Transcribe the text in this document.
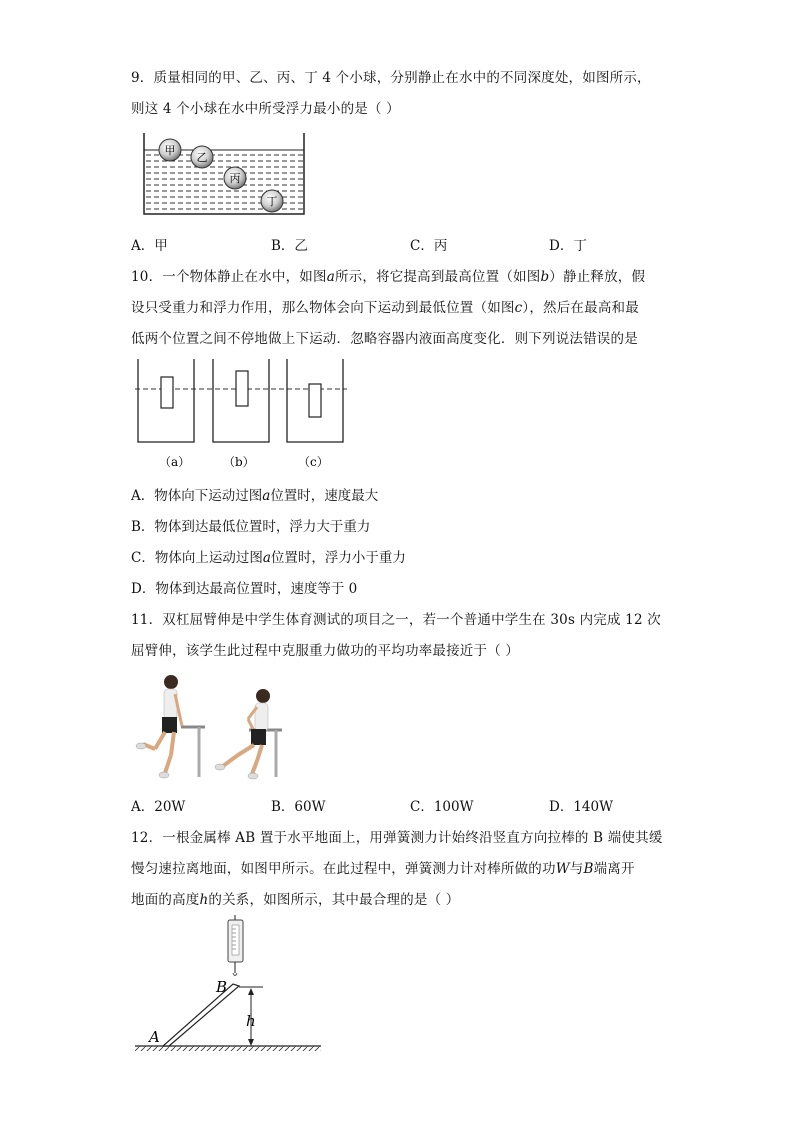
9．质量相同的甲、乙、丙、丁 4 个小球，分别静止在水中的不同深度处，如图所示，
则这 4 个小球在水中所受浮力最小的是（ ）
甲
乙
丙
丁
A．甲	B．乙	C．丙	D．丁
10．一个物体静止在水中，如图a所示，将它提高到最高位置（如图b）静止释放，假
设只受重力和浮力作用，那么物体会向下运动到最低位置（如图c），然后在最高和最
低两个位置之间不停地做上下运动．忽略容器内液面高度变化．则下列说法错误的是
（a）	（b）	（c）
A．物体向下运动过图a位置时，速度最大
B．物体到达最低位置时，浮力大于重力
C．物体向上运动过图a位置时，浮力小于重力
D．物体到达最高位置时，速度等于 0
11．双杠屈臂伸是中学生体育测试的项目之一，若一个普通中学生在 30s 内完成 12 次
屈臂伸，该学生此过程中克服重力做功的平均功率最接近于（ ）
A．20W	B．60W	C．100W	D．140W
12．一根金属棒 AB 置于水平地面上，用弹簧测力计始终沿竖直方向拉棒的 B 端使其缓
慢匀速拉离地面，如图甲所示。在此过程中，弹簧测力计对棒所做的功W与B端离开
地面的高度h的关系，如图所示，其中最合理的是（ ）
h
B
A
